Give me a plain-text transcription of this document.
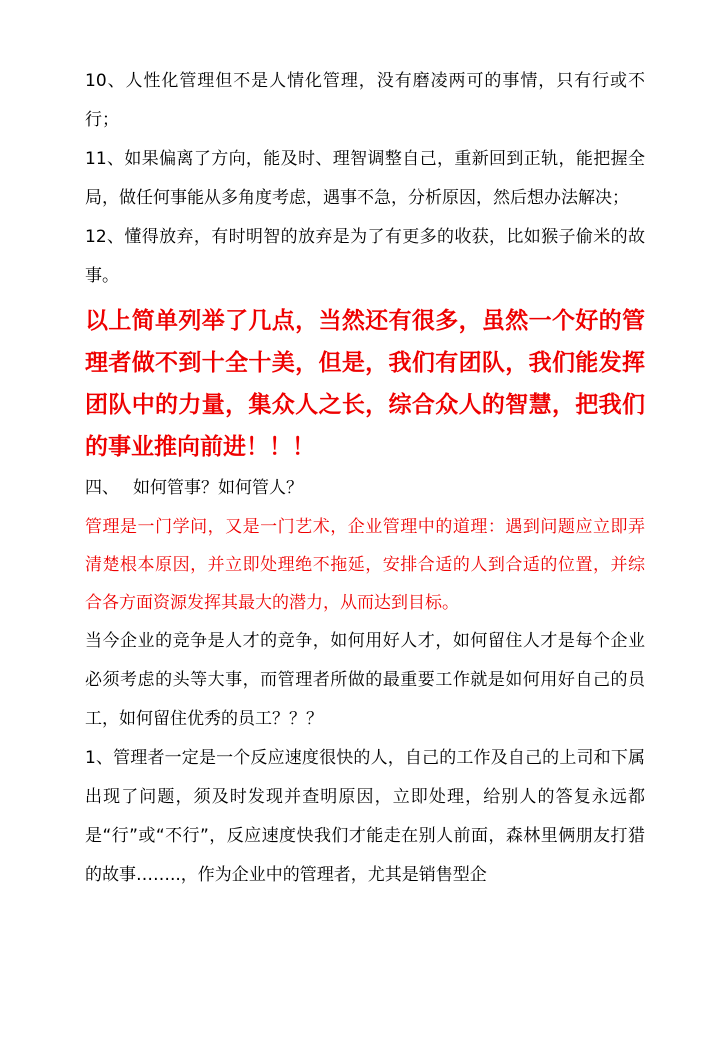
10、人性化管理但不是人情化管理，没有磨凌两可的事情，只有行或不行；

11、如果偏离了方向，能及时、理智调整自己，重新回到正轨，能把握全局，做任何事能从多角度考虑，遇事不急，分析原因，然后想办法解决；

12、懂得放弃，有时明智的放弃是为了有更多的收获，比如猴子偷米的故事。

以上简单列举了几点，当然还有很多，虽然一个好的管理者做不到十全十美，但是，我们有团队，我们能发挥团队中的力量，集众人之长，综合众人的智慧，把我们的事业推向前进！！！

四、 如何管事？如何管人？

管理是一门学问，又是一门艺术，企业管理中的道理：遇到问题应立即弄清楚根本原因，并立即处理绝不拖延，安排合适的人到合适的位置，并综合各方面资源发挥其最大的潜力，从而达到目标。

当今企业的竞争是人才的竞争，如何用好人才，如何留住人才是每个企业必须考虑的头等大事，而管理者所做的最重要工作就是如何用好自己的员工，如何留住优秀的员工？？？

1、管理者一定是一个反应速度很快的人，自己的工作及自己的上司和下属出现了问题，须及时发现并查明原因，立即处理，给别人的答复永远都是“行”或“不行”，反应速度快我们才能走在别人前面，森林里俩朋友打猎的故事……..，作为企业中的管理者，尤其是销售型企
